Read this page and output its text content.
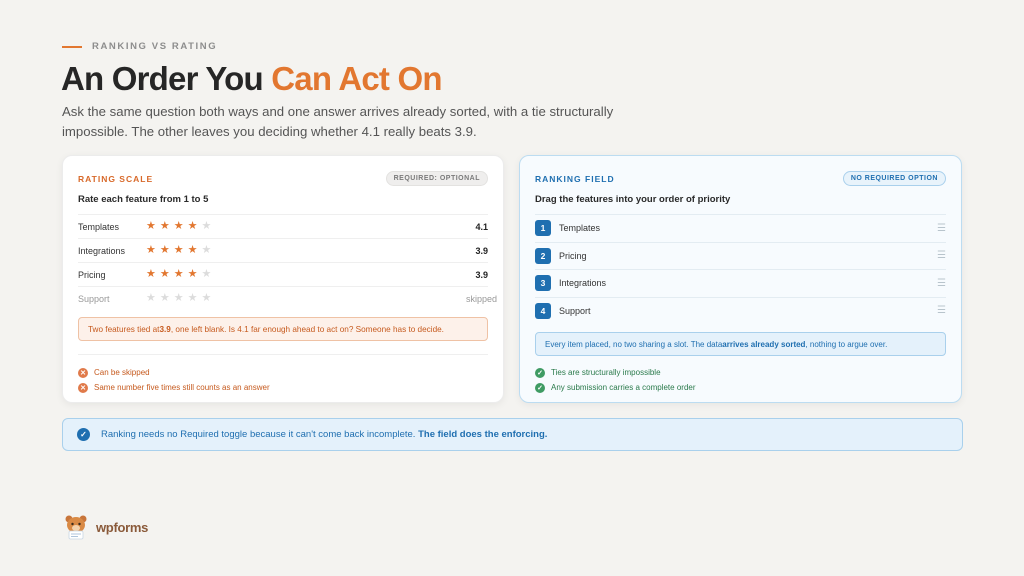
RANKING VS RATING
An Order You Can Act On

Ask the same question both ways and one answer arrives already sorted, with a tie structurally impossible. The other leaves you deciding whether 4.1 really beats 3.9.

RATING SCALE	REQUIRED: OPTIONAL
Rate each feature from 1 to 5
Templates	★ ★ ★ ★ ★	4.1
Integrations	★ ★ ★ ★ ★	3.9
Pricing	★ ★ ★ ★ ★	3.9
Support	★ ★ ★ ★ ★	skipped
Two features tied at 3.9 , one left blank. Is 4.1 far enough ahead to act on? Someone has to decide.
✕ Can be skipped
✕ Same number five times still counts as an answer
RANKING FIELD	NO REQUIRED OPTION
Drag the features into your order of priority
1	Templates	☰
2	Pricing	☰
3	Integrations	☰
4	Support	☰
Every item placed, no two sharing a slot. The data arrives already sorted , nothing to argue over.
✓ Ties are structurally impossible
✓ Any submission carries a complete order
✓	Ranking needs no Required toggle because it can't come back incomplete. The field does the enforcing.
wpforms
